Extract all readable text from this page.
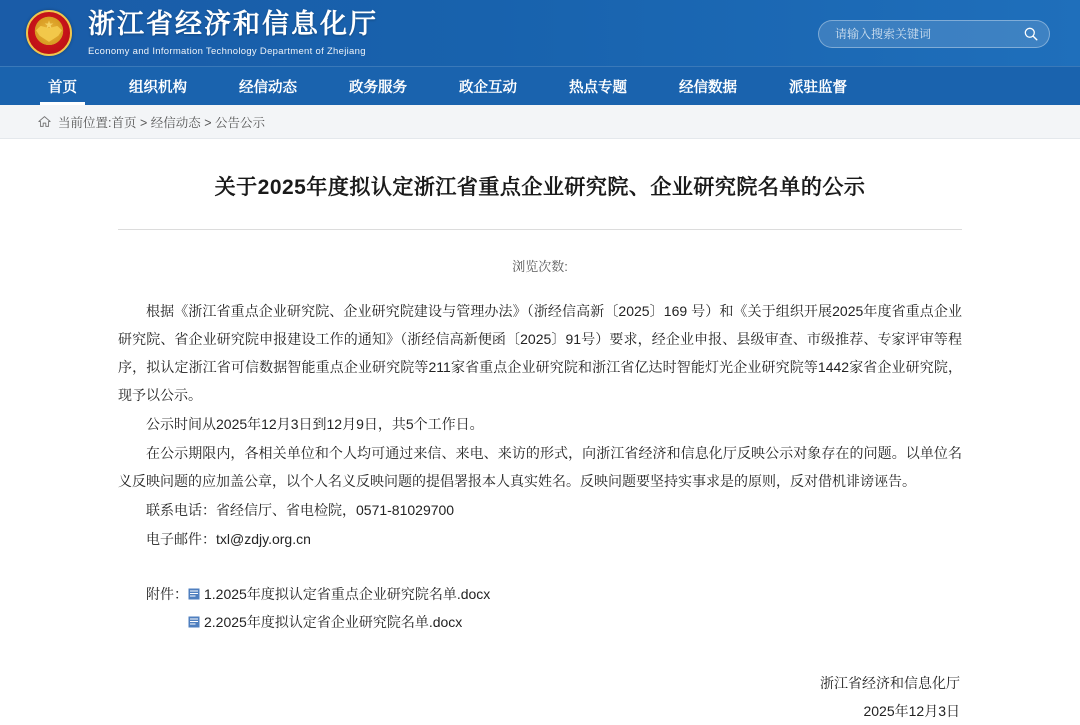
浙江省经济和信息化厅
Economy and Information Technology Department of Zhejiang
请输入搜索关键词
首页	组织机构	经信动态	政务服务	政企互动	热点专题	经信数据	派驻监督
当前位置:首页 > 经信动态 > 公告公示
关于2025年度拟认定浙江省重点企业研究院、企业研究院名单的公示
浏览次数:

根据《浙江省重点企业研究院、企业研究院建设与管理办法》（浙经信高新〔2025〕169 号）和《关于组织开展2025年度省重点企业研究院、省企业研究院申报建设工作的通知》（浙经信高新便函〔2025〕91号）要求，经企业申报、县级审查、市级推荐、专家评审等程序，拟认定浙江省可信数据智能重点企业研究院等211家省重点企业研究院和浙江省亿达时智能灯光企业研究院等1442家省企业研究院，现予以公示。

公示时间从2025年12月3日到12月9日，共5个工作日。

在公示期限内，各相关单位和个人均可通过来信、来电、来访的形式，向浙江省经济和信息化厅反映公示对象存在的问题。以单位名义反映问题的应加盖公章，以个人名义反映问题的提倡署报本人真实姓名。反映问题要坚持实事求是的原则，反对借机诽谤诬告。

联系电话：省经信厅、省电检院，0571-81029700

电子邮件：txl@zdjy.org.cn

附件： 1.2025年度拟认定省重点企业研究院名单.docx
2.2025年度拟认定省企业研究院名单.docx
浙江省经济和信息化厅
2025年12月3日
